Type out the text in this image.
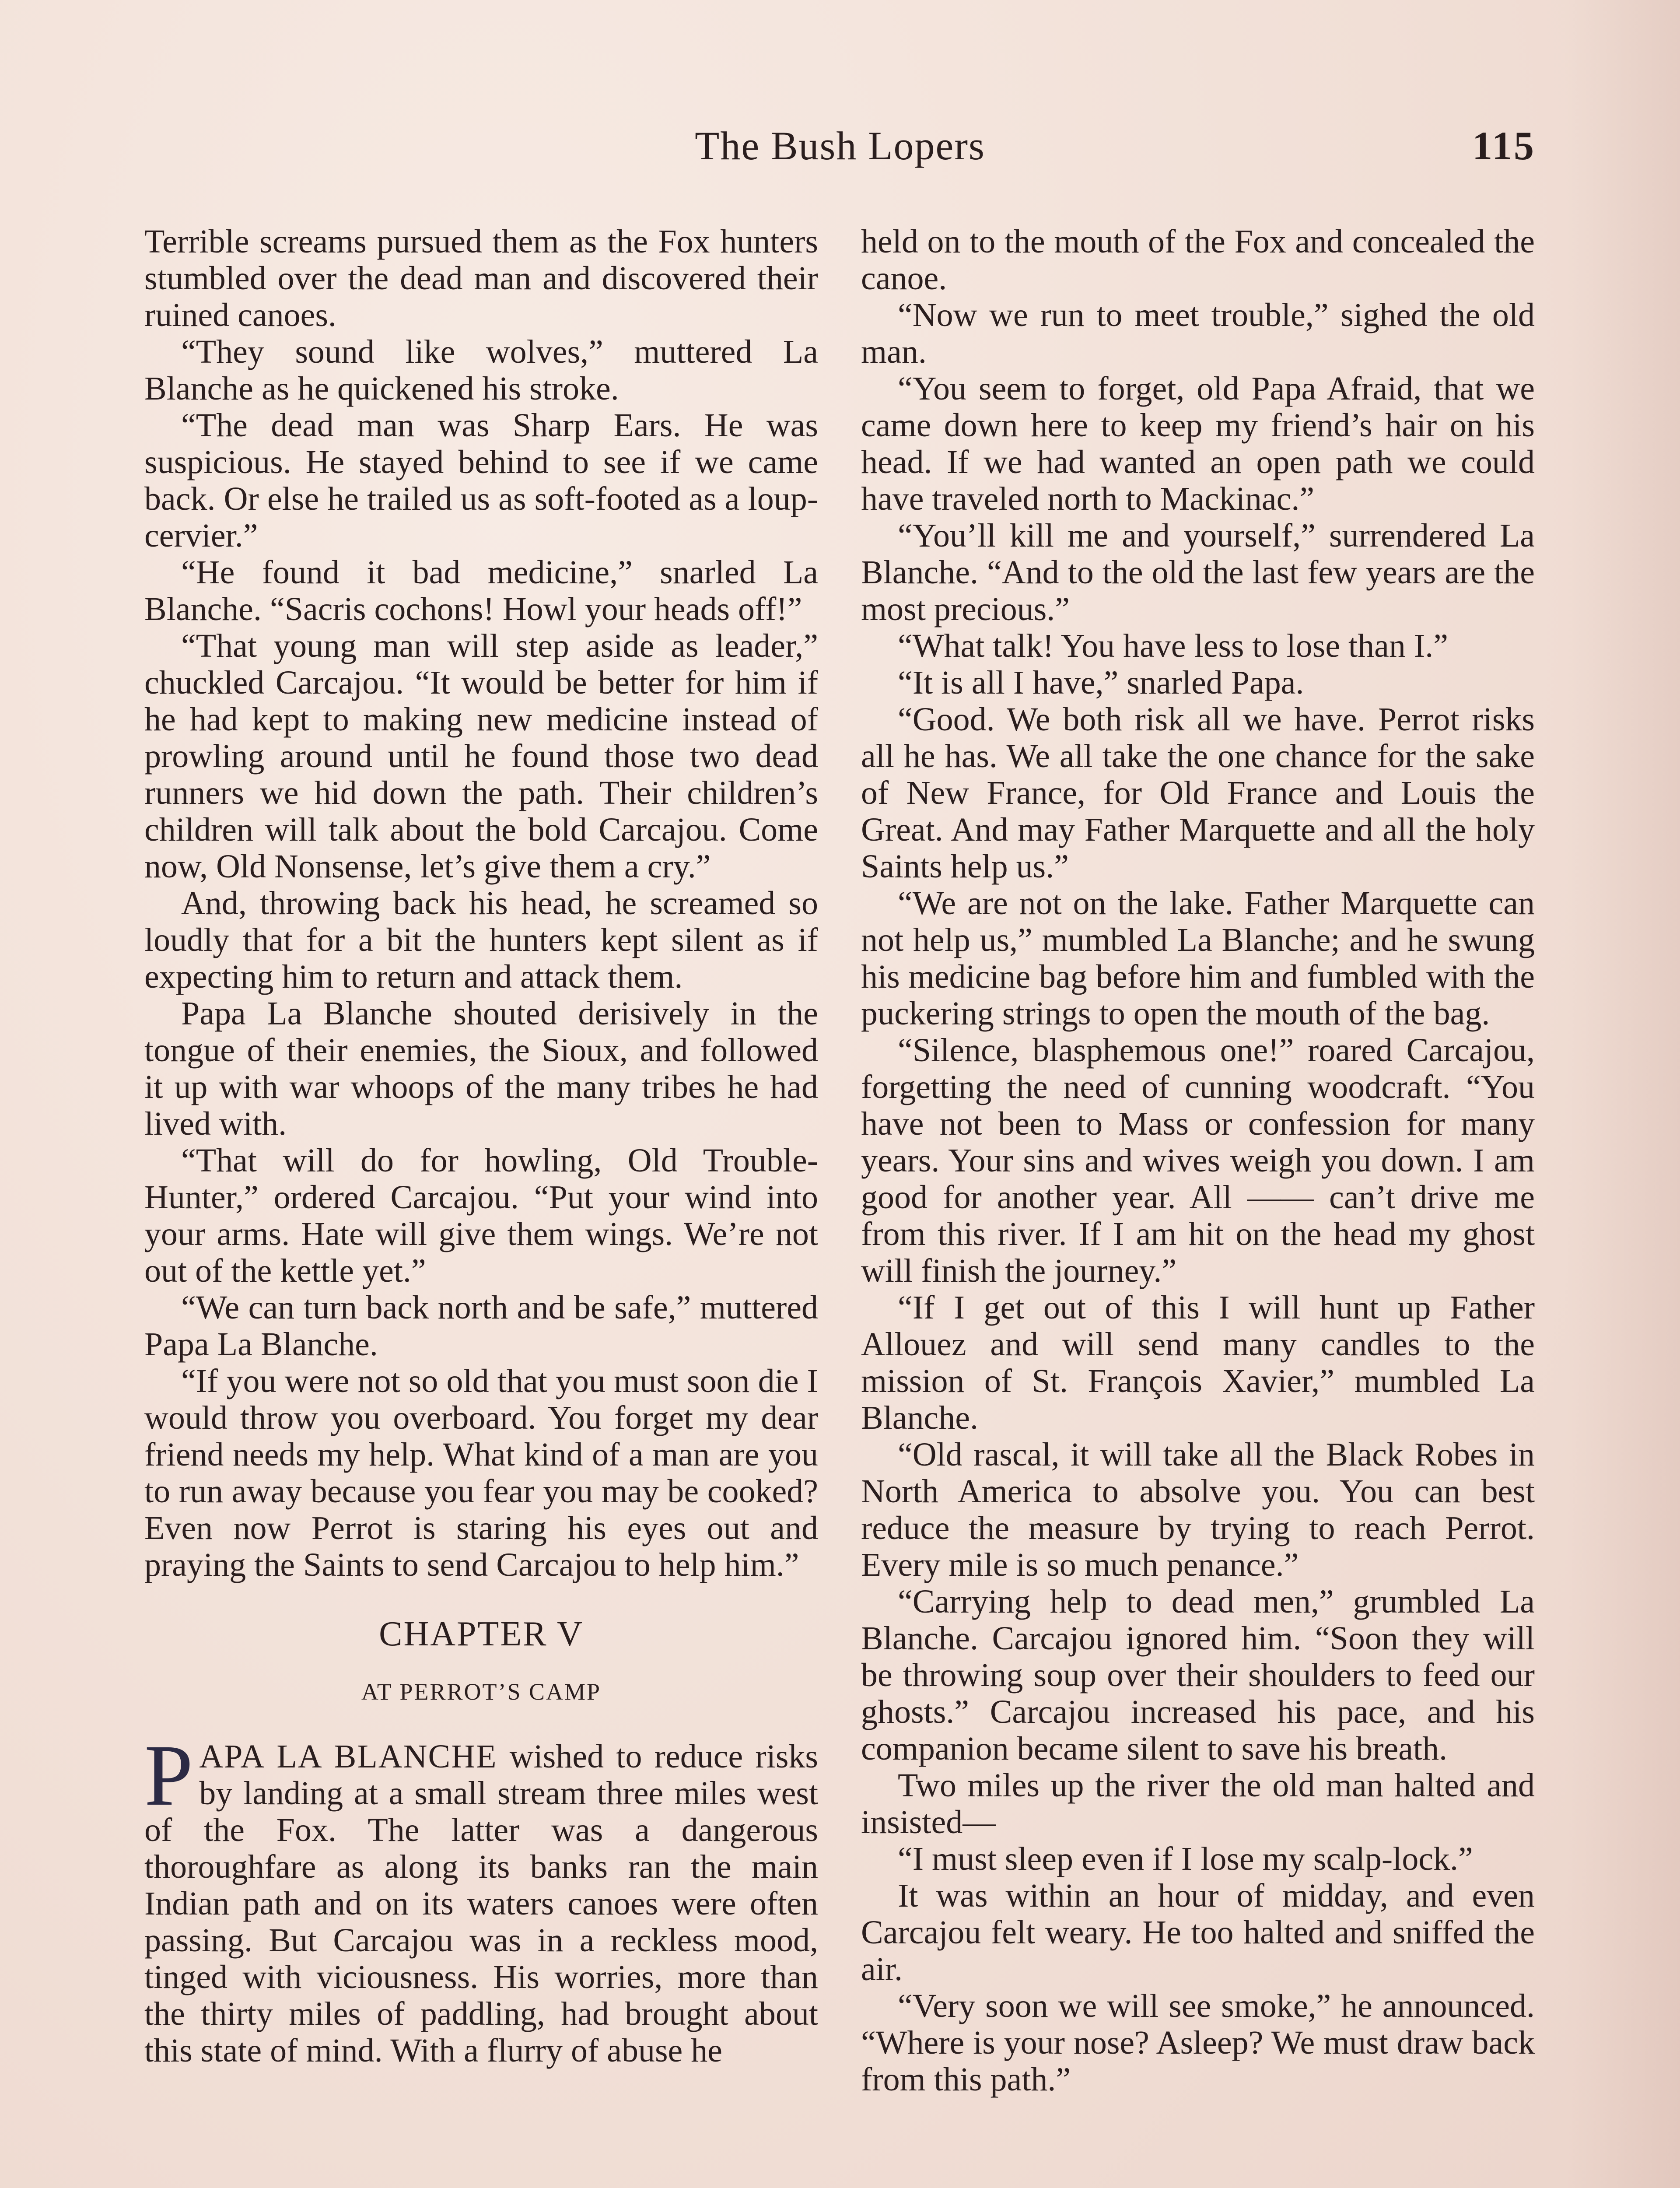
The Bush Lopers	115

Terrible screams pursued them as the Fox hunters stumbled over the dead man and discovered their ruined canoes.

“They sound like wolves,” muttered La Blanche as he quickened his stroke.

“The dead man was Sharp Ears. He was suspicious. He stayed behind to see if we came back. Or else he trailed us as soft-footed as a loup-cervier.”

“He found it bad medicine,” snarled La Blanche. “Sacris cochons! Howl your heads off!”

“That young man will step aside as leader,” chuckled Carcajou. “It would be better for him if he had kept to making new medicine instead of prowling around until he found those two dead runners we hid down the path. Their children’s children will talk about the bold Carcajou. Come now, Old Nonsense, let’s give them a cry.”

And, throwing back his head, he screamed so loudly that for a bit the hunters kept silent as if expecting him to return and attack them.

Papa La Blanche shouted derisively in the tongue of their enemies, the Sioux, and followed it up with war whoops of the many tribes he had lived with.

“That will do for howling, Old Trouble-Hunter,” ordered Carcajou. “Put your wind into your arms. Hate will give them wings. We’re not out of the kettle yet.”

“We can turn back north and be safe,” muttered Papa La Blanche.

“If you were not so old that you must soon die I would throw you overboard. You forget my dear friend needs my help. What kind of a man are you to run away because you fear you may be cooked? Even now Perrot is staring his eyes out and praying the Saints to send Carcajou to help him.”

CHAPTER V
AT PERROT’S CAMP

PAPA LA BLANCHE wished to reduce risks by landing at a small stream three miles west of the Fox. The latter was a dangerous thoroughfare as along its banks ran the main Indian path and on its waters canoes were often passing. But Carcajou was in a reckless mood, tinged with viciousness. His worries, more than the thirty miles of paddling, had brought about this state of mind. With a flurry of abuse he

held on to the mouth of the Fox and concealed the canoe.

“Now we run to meet trouble,” sighed the old man.

“You seem to forget, old Papa Afraid, that we came down here to keep my friend’s hair on his head. If we had wanted an open path we could have traveled north to Mackinac.”

“You’ll kill me and yourself,” surrendered La Blanche. “And to the old the last few years are the most precious.”

“What talk! You have less to lose than I.”

“It is all I have,” snarled Papa.

“Good. We both risk all we have. Perrot risks all he has. We all take the one chance for the sake of New France, for Old France and Louis the Great. And may Father Marquette and all the holy Saints help us.”

“We are not on the lake. Father Marquette can not help us,” mumbled La Blanche; and he swung his medicine bag before him and fumbled with the puckering strings to open the mouth of the bag.

“Silence, blasphemous one!” roared Carcajou, forgetting the need of cunning woodcraft. “You have not been to Mass or confession for many years. Your sins and wives weigh you down. I am good for another year. All —— can’t drive me from this river. If I am hit on the head my ghost will finish the journey.”

“If I get out of this I will hunt up Father Allouez and will send many candles to the mission of St. François Xavier,” mumbled La Blanche.

“Old rascal, it will take all the Black Robes in North America to absolve you. You can best reduce the measure by trying to reach Perrot. Every mile is so much penance.”

“Carrying help to dead men,” grumbled La Blanche. Carcajou ignored him. “Soon they will be throwing soup over their shoulders to feed our ghosts.” Carcajou increased his pace, and his companion became silent to save his breath.

Two miles up the river the old man halted and insisted—

“I must sleep even if I lose my scalp-lock.”

It was within an hour of midday, and even Carcajou felt weary. He too halted and sniffed the air.

“Very soon we will see smoke,” he announced. “Where is your nose? Asleep? We must draw back from this path.”
